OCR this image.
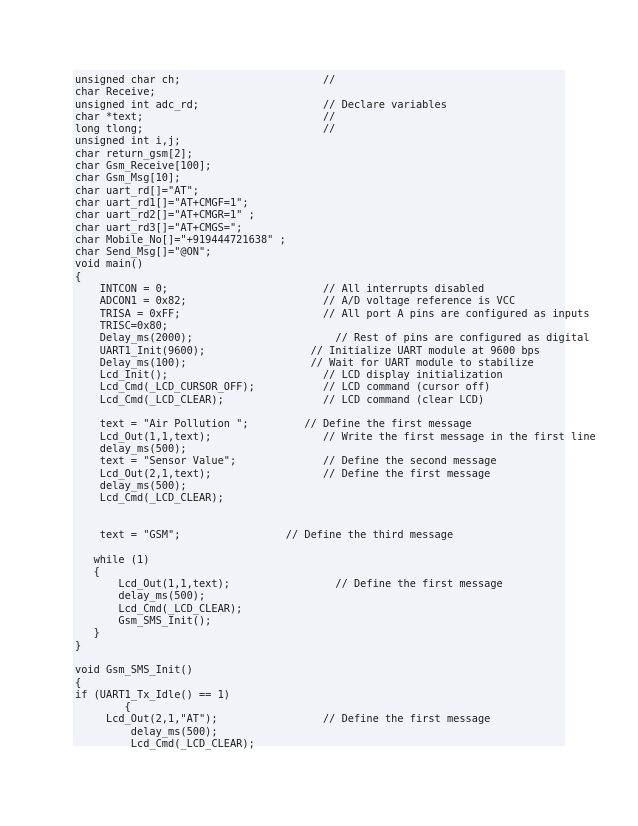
unsigned char ch;                       //
char Receive;
unsigned int adc_rd;                    // Declare variables
char *text;                             //
long tlong;                             //
unsigned int i,j;
char return_gsm[2];
char Gsm_Receive[100];
char Gsm_Msg[10];
char uart_rd[]="AT";
char uart_rd1[]="AT+CMGF=1";
char uart_rd2[]="AT+CMGR=1" ;
char uart_rd3[]="AT+CMGS=";
char Mobile_No[]="+919444721638" ;
char Send_Msg[]="@ON";
void main()
{
INTCON = 0;                         // All interrupts disabled
ADCON1 = 0x82;                      // A/D voltage reference is VCC
TRISA = 0xFF;                       // All port A pins are configured as inputs
TRISC=0x80;
Delay_ms(2000);                       // Rest of pins are configured as digital
UART1_Init(9600);                 // Initialize UART module at 9600 bps
Delay_ms(100);                    // Wait for UART module to stabilize
Lcd_Init();                         // LCD display initialization
Lcd_Cmd(_LCD_CURSOR_OFF);           // LCD command (cursor off)
Lcd_Cmd(_LCD_CLEAR);                // LCD command (clear LCD)
text = "Air Pollution ";         // Define the first message
Lcd_Out(1,1,text);                  // Write the first message in the first line
delay_ms(500);
text = "Sensor Value";              // Define the second message
Lcd_Out(2,1,text);                  // Define the first message
delay_ms(500);
Lcd_Cmd(_LCD_CLEAR);
text = "GSM";                 // Define the third message
while (1)
{
Lcd_Out(1,1,text);                 // Define the first message
delay_ms(500);
Lcd_Cmd(_LCD_CLEAR);
Gsm_SMS_Init();
}
}
void Gsm_SMS_Init()
{
if (UART1_Tx_Idle() == 1)
{
Lcd_Out(2,1,"AT");                 // Define the first message
delay_ms(500);
Lcd_Cmd(_LCD_CLEAR);
